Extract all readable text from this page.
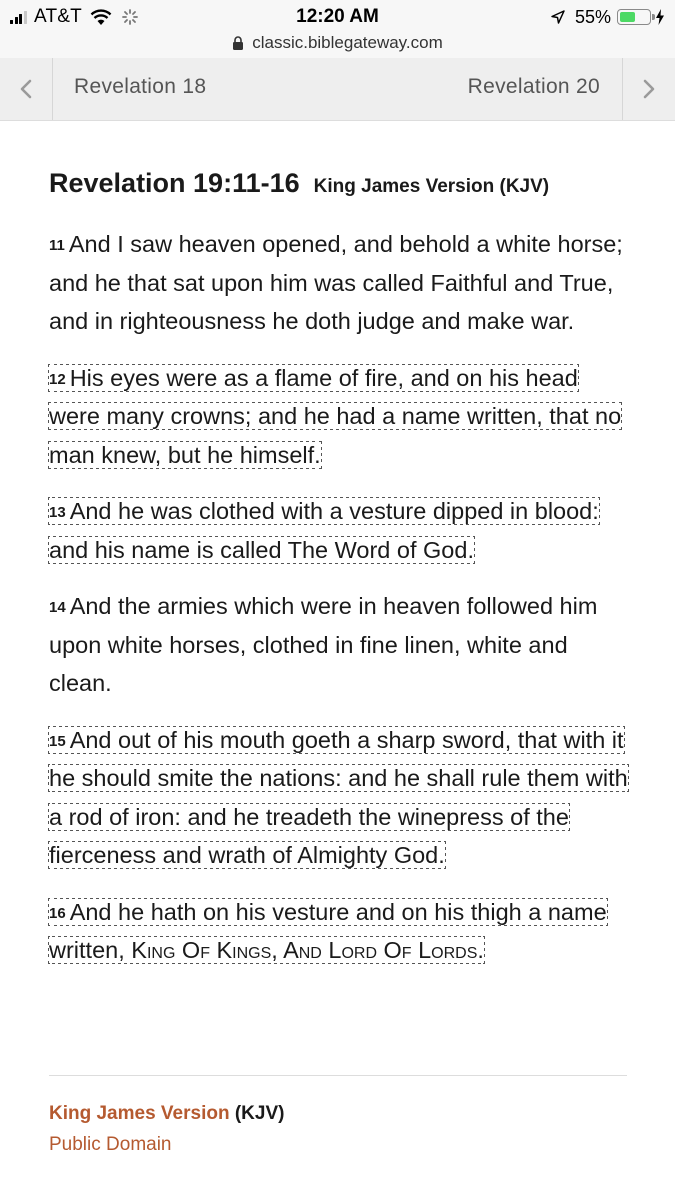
AT&T	12:20 AM	55%
classic.biblegateway.com
Revelation 18	Revelation 20
Revelation 19:11-16 King James Version (KJV)

$^{11}$ And I saw heaven opened, and behold a white horse; and he that sat upon him was called Faithful and True, and in righteousness he doth judge and make war.

$^{12}$ His eyes were as a flame of fire, and on his head were many crowns; and he had a name written, that no man knew, but he himself.

$^{13}$ And he was clothed with a vesture dipped in blood: and his name is called The Word of God.

$^{14}$ And the armies which were in heaven followed him upon white horses, clothed in fine linen, white and clean.

$^{15}$ And out of his mouth goeth a sharp sword, that with it he should smite the nations: and he shall rule them with a rod of iron: and he treadeth the winepress of the fierceness and wrath of Almighty God.

$^{16}$ And he hath on his vesture and on his thigh a name written, King Of Kings, And Lord Of Lords.

King James Version (KJV)
Public Domain
